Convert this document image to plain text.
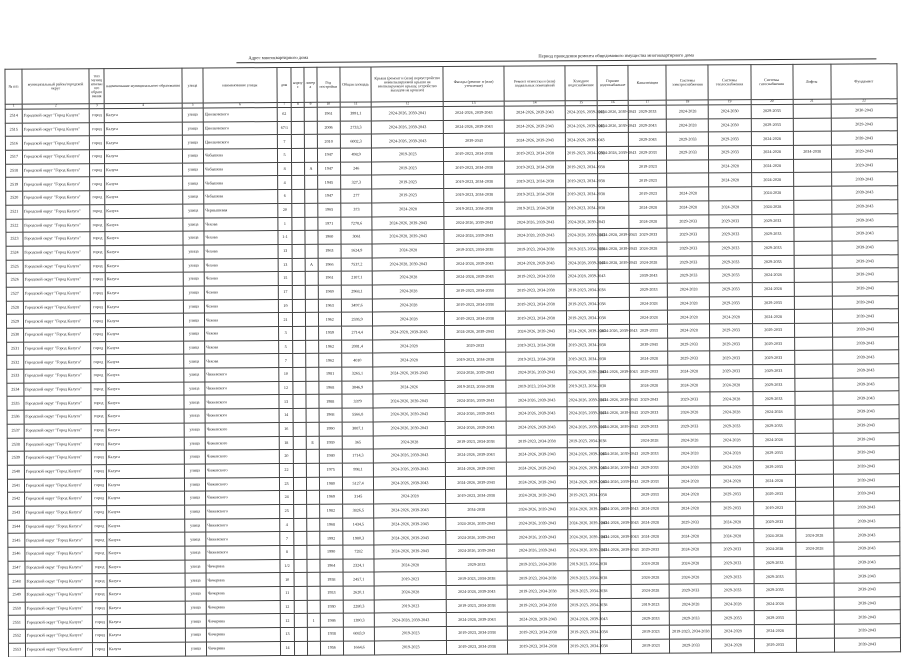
Адрес многоквартирного дома	Период проведения ремонта общедомового имущества многоквартирного дома
№ п/п	муниципальный район/городской округ	тип муниципального образования	наименование муниципального образования	улица	наименование улицы	дом	корпус	литера	Год постройки	Общая площадь	Крыша (ремонт и (или) переустройство невентилируемой крыши на вентилируемую крышу, устройство выходов на кровлю)	Фасады (ремонт и (или) утепление)	Ремонт отмостки и (или) подвальных помещений	Холодное водоснабжение	Горячее водоснабжение	Канализация	Системы электроснабжения	Системы теплоснабжения	Системы газоснабжения	Лифты	Фундамент
1	2	3	4	5	6	7	8	9	10	11	12	13	14	15	16	17	18	19	20	21	22
2514	Городской округ "Город Калуга"	город	Калуга	улица	Циолковского	62			1961	3991,1	2024-2026, 2039-2041	2024-2026, 2039-2043	2024-2026, 2039-2043	2024-2026, 2039-2043	2024-2026, 2039-2043	2029-2033	2024-2028	2024-2030	2029-2033		2030-2043
2515	Городской округ "Город Калуга"	город	Калуга	улица	Циолковского	67/1			2006	2733,3	2024-2026, 2039-2043	2024-2026, 2039-2043	2024-2026, 2039-2043	2024-2026, 2039-2043	2024-2026, 2039-2043	2029-2043	2024-2028	2024-2030	2029-2033		2029-2043
2516	Городской округ "Город Калуга"	город	Калуга	улица	Циолковского	7			2010	6002,3	2024-2026, 2039-2043	2039-2043	2024-2026, 2039-2043	2024-2026, 2039-2043		2029-2043	2029-2033	2029-2033	2024-2028		2039-2043
2517	Городской округ "Город Калуга"	город	Калуга	улица	Чебышева	5			1947	498,9	2019-2023	2019-2023, 2034-2038	2019-2023, 2034-2038	2019-2023, 2034-2038	2024-2028, 2039-2043	2029-2033	2029-2033	2029-2033	2024-2028	2034-2038	2029-2043
2518	Городской округ "Город Калуга"	город	Калуга	улица	Чебышева	8		А	1947	246	2019-2023	2019-2023, 2034-2038	2019-2023, 2034-2038	2019-2023, 2034-2038		2019-2023		2024-2028	2024-2028		2029-2043
2519	Городской округ "Город Калуга"	город	Калуга	улица	Чебышева	4			1945	327,3	2019-2023	2019-2023, 2034-2038	2019-2023, 2034-2038	2019-2023, 2034-2038		2019-2023		2024-2028	2024-2028		2039-2043
2520	Городской округ "Город Калуга"	город	Калуга	улица	Чебышева	6			1947	277	2019-2023	2019-2023, 2034-2038	2019-2023, 2034-2038	2019-2023, 2034-2038		2019-2023	2024-2028		2024-2028		2039-2043
2521	Городской округ "Город Калуга"	город	Калуга	улица	Чернышевая	20			1965	373	2024-2028	2019-2023, 2034-2038	2019-2023, 2034-2038	2019-2023, 2034-2038		2024-2028	2024-2028	2024-2028	2024-2028		2039-2043
2522	Городской округ "Город Калуга"	город	Калуга	улица	Чехова	1			1971	7270,6	2024-2026, 2039-2043	2024-2026, 2039-2043	2024-2026, 2039-2043	2024-2026, 2039-2043		2024-2028	2029-2033	2029-2033	2029-2033		2039-2043
2523	Городской округ "Город Калуга"	город	Калуга	улица	Чехова	1-1			1960	3061	2024-2028, 2039-2043	2024-2028, 2039-2043	2024-2028, 2039-2043	2024-2028, 2039-2043	2024-2028, 2039-2043	2029-2033	2029-2033	2029-2033	2029-2033		2039-2043
2524	Городской округ "Город Калуга"	город	Калуга	улица	Чехова	13			1963	1624,9	2024-2028	2019-2023, 2034-2038	2019-2023, 2034-2038	2019-2023, 2034-2038	2024-2028, 2039-2043	2024-2028	2029-2033	2029-2033	2029-2033		2039-2043
2525	Городской округ "Город Калуга"	город	Калуга	улица	Чехова	13		А	1966	7537,2	2024-2028, 2039-2043	2024-2028, 2039-2043	2024-2028, 2039-2043	2024-2028, 2039-2043	2024-2028, 2039-2043	2024-2028	2029-2033	2029-2033	2029-2033		2039-2043
2526	Городской округ "Город Калуга"	город	Калуга	улица	Чехова	15			1961	2107,1	2024-2028	2024-2028, 2039-2043	2019-2023, 2034-2038	2024-2028, 2039-2043		2039-2043	2029-2033	2029-2033	2024-2028		2039-2043
2527	Городской округ "Город Калуга"	город	Калуга	улица	Чехова	17			1969	2968,1	2024-2028	2019-2023, 2034-2038	2019-2023, 2034-2038	2019-2023, 2034-2038		2029-2033	2024-2028	2029-2033	2024-2028		2039-2043
2528	Городской округ "Город Калуга"	город	Калуга	улица	Чехова	19			1963	3497,6	2024-2028	2019-2023, 2034-2038	2019-2023, 2034-2038	2019-2023, 2034-2038		2024-2028	2024-2028	2029-2033	2029-2033		2039-2043
2529	Городской округ "Город Калуга"	город	Калуга	улица	Чехова	21			1962	2595,9	2024-2028	2019-2023, 2034-2038	2019-2023, 2034-2038	2019-2023, 2034-2038		2024-2028	2024-2028	2024-2028	2024-2028		2039-2043
2530	Городской округ "Город Калуга"	город	Калуга	улица	Чехова	3			1959	2714,4	2024-2028, 2039-2043	2024-2026, 2039-2043	2024-2026, 2039-2043	2024-2026, 2039-2043	2024-2026, 2039-2043	2029-2033	2024-2028	2029-2033	2029-2033		2039-2043
2531	Городской округ "Город Калуга"	город	Калуга	улица	Чехова	5			1962	2001,4	2024-2028	2029-2033	2019-2023, 2034-2038	2019-2023, 2034-2038		2039-2043	2029-2033	2029-2033	2029-2033		2039-2043
2532	Городской округ "Город Калуга"	город	Калуга	улица	Чехова	7			1962	4010	2024-2028	2019-2023, 2034-2038	2019-2023, 2034-2038	2019-2023, 2034-2038		2024-2028	2029-2033	2029-2033	2029-2033		2039-2043
2533	Городской округ "Город Калуга"	город	Калуга	улица	Чижевского	10			1981	3265,1	2024-2026, 2039-2043	2024-2026, 2039-2043	2024-2026, 2039-2043	2024-2026, 2039-2043	2024-2026, 2039-2043	2029-2033	2024-2028	2029-2033	2029-2033		2039-2043
2534	Городской округ "Город Калуга"	город	Калуга	улица	Чижевского	12			1968	3046,9	2024-2026	2019-2023, 2034-2038	2019-2023, 2034-2038	2019-2023, 2034-2038		2024-2028	2024-2028	2024-2028	2029-2033		2039-2043
2535	Городской округ "Город Калуга"	город	Калуга	улица	Чижевского	13			1988	3379	2024-2026, 2039-2043	2024-2026, 2039-2043	2024-2026, 2039-2043	2024-2026, 2039-2043	2024-2026, 2039-2043	2029-2043	2029-2033	2024-2028	2029-2033		2039-2043
2536	Городской округ "Город Калуга"	город	Калуга	улица	Чижевского	14			1968	5566,8	2024-2026, 2039-2043	2024-2026, 2039-2043	2024-2026, 2039-2043	2024-2026, 2039-2043	2024-2026, 2039-2043	2029-2033	2024-2028	2024-2028	2024-2028		2039-2043
2537	Городской округ "Город Калуга"	город	Калуга	улица	Чижевского	16			1990	3007,1	2024-2026, 2039-2043	2024-2026, 2039-2043	2024-2026, 2039-2043	2024-2026, 2039-2043	2024-2026, 2039-2043	2029-2033	2029-2033	2029-2033	2029-2033		2039-2043
2538	Городской округ "Город Калуга"	город	Калуга	улица	Чижевского	18		Б	1959	365	2024-2028	2019-2023, 2034-2038	2019-2023, 2034-2038	2019-2023, 2034-2038		2024-2028	2024-2028	2024-2028	2024-2028		2039-2043
2539	Городской округ "Город Калуга"	город	Калуга	улица	Чижевского	20			1980	1714,3	2024-2026, 2039-2043	2024-2026, 2039-2043	2024-2026, 2039-2043	2024-2026, 2039-2043	2024-2026, 2039-2043	2029-2033	2024-2028	2024-2028	2029-2033		2039-2043
2540	Городской округ "Город Калуга"	город	Калуга	улица	Чижевского	22			1975	998,1	2024-2026, 2039-2043	2024-2026, 2039-2043	2024-2026, 2039-2043	2024-2026, 2039-2043	2024-2026, 2039-2043	2029-2033	2024-2028	2024-2028	2029-2033		2039-2043
2541	Городской округ "Город Калуга"	город	Калуга	улица	Чижевского	23			1980	5127,4	2024-2026, 2039-2043	2024-2026, 2039-2043	2024-2026, 2039-2043	2024-2026, 2039-2043	2024-2026, 2039-2043	2029-2033	2024-2028	2024-2028	2024-2028		2039-2043
2542	Городской округ "Город Калуга"	город	Калуга	улица	Чижевского	24			1969	3145	2024-2028	2019-2023, 2034-2038	2024-2028, 2039-2043	2019-2023, 2034-2038		2029-2033	2024-2028	2029-2033	2029-2033		2039-2043
2543	Городской округ "Город Калуга"	город	Калуга	улица	Чижевского	25			1982	3826,5	2024-2026, 2039-2043	2034-2038	2024-2026, 2039-2043	2024-2026, 2039-2043	2024-2026, 2039-2043	2024-2028	2024-2028	2029-2033	2019-2023		2039-2043
2544	Городской округ "Город Калуга"	город	Калуга	улица	Чижевского	4			1968	1434,5	2024-2026, 2039-2043	2024-2026, 2039-2043	2024-2026, 2039-2043	2024-2026, 2039-2043	2024-2026, 2039-2043	2024-2028	2029-2033	2024-2028	2029-2033		2039-2043
2545	Городской округ "Город Калуга"	город	Калуга	улица	Чижевского	7			1992	1900,3	2024-2026, 2039-2043	2024-2026, 2039-2043	2024-2026, 2039-2043	2024-2026, 2039-2043	2024-2026, 2039-2043	2024-2028	2024-2028	2024-2028	2024-2028	2024-2028	2039-2043
2546	Городской округ "Город Калуга"	город	Калуга	улица	Чижевского	8			1990	7282	2024-2026, 2039-2043	2024-2026, 2039-2043	2024-2026, 2039-2043	2024-2026, 2039-2043	2024-2026, 2039-2043	2029-2033	2024-2028	2029-2033	2024-2028	2024-2028	2039-2043
2547	Городской округ "Город Калуга"	город	Калуга	улица	Чичерина	1/2			1964	2324,1	2024-2028	2029-2033	2019-2023, 2034-2038	2019-2023, 2034-2038		2024-2028	2024-2028	2029-2033	2029-2033		2039-2043
2548	Городской округ "Город Калуга"	город	Калуга	улица	Чичерина	10			1958	2457,1	2019-2023	2019-2023, 2034-2038	2019-2023, 2034-2038	2019-2023, 2034-2038		2024-2028	2024-2028	2029-2033	2029-2033		2039-2043
2549	Городской округ "Город Калуга"	город	Калуга	улица	Чичерина	11			1953	2620,1	2024-2028	2024-2028, 2039-2043	2019-2023, 2034-2038	2019-2023, 2034-2038		2024-2028	2029-2033	2029-2033	2029-2033		2039-2043
2550	Городской округ "Город Калуга"	город	Калуга	улица	Чичерина	12			1930	2280,3	2019-2023	2019-2023, 2034-2038	2019-2023, 2034-2038	2019-2023, 2034-2038		2019-2023	2024-2028	2024-2028	2024-2028		2039-2043
2551	Городской округ "Город Калуга"	город	Калуга	улица	Чичерина	12		1	1986	1390,3	2024-2028, 2039-2043	2024-2028, 2039-2043	2024-2028, 2039-2043	2024-2028, 2039-2043		2029-2033	2029-2033	2029-2033	2029-2033		2039-2043
2552	Городской округ "Город Калуга"	город	Калуга	улица	Чичерина	13			1938	6083,9	2019-2023	2019-2023, 2034-2038	2019-2023, 2034-2038	2019-2023, 2034-2038		2019-2023	2019-2023, 2034-2038	2024-2028	2024-2028		2039-2043
2553	Городской округ "Город Калуга"	город	Калуга	улица	Чичерина	14			1956	1664,6	2019-2023	2019-2023, 2034-2038	2019-2023, 2034-2038	2019-2023, 2034-2038		2019-2023	2029-2033	2024-2028	2029-2033		2039-2043
